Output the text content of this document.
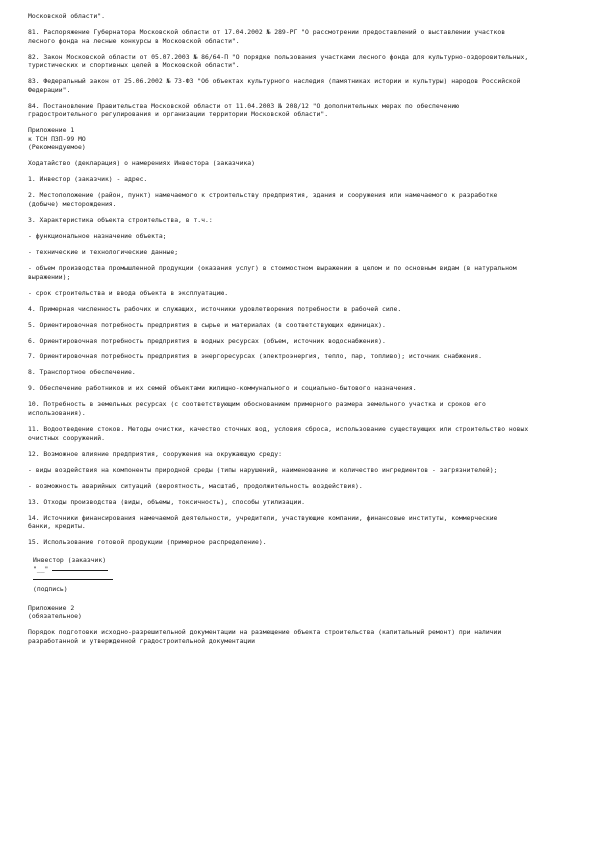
Московской области".

81. Распоряжение Губернатора Московской области от 17.04.2002 № 289-РГ "О рассмотрении предоставлений о выставлении участков
лесного фонда на лесные конкурсы в Московской области".

82. Закон Московской области от 05.07.2003 № 86/64-П "О порядке пользования участками лесного фонда для культурно-оздоровительных,
туристических и спортивных целей в Московской области".

83. Федеральный закон от 25.06.2002 № 73-ФЗ "Об объектах культурного наследия (памятниках истории и культуры) народов Российской
Федерации".

84. Постановление Правительства Московской области от 11.04.2003 № 208/12 "О дополнительных мерах по обеспечению
градостроительного регулирования и организации территории Московской области".

Приложение 1
к ТСН ПЗП-99 МО
(Рекомендуемое)

Ходатайство (декларация) о намерениях Инвестора (заказчика)

1. Инвестор (заказчик) - адрес.

2. Местоположение (район, пункт) намечаемого к строительству предприятия, здания и сооружения или намечаемого к разработке
(добыче) месторождения.

3. Характеристика объекта строительства, в т.ч.:

- функциональное назначение объекта;

- технические и технологические данные;

- объем производства промышленной продукции (оказания услуг) в стоимостном выражении в целом и по основным видам (в натуральном
выражении);

- срок строительства и ввода объекта в эксплуатацию.

4. Примерная численность рабочих и служащих, источники удовлетворения потребности в рабочей силе.

5. Ориентировочная потребность предприятия в сырье и материалах (в соответствующих единицах).

6. Ориентировочная потребность предприятия в водных ресурсах (объем, источник водоснабжения).

7. Ориентировочная потребность предприятия в энергоресурсах (электроэнергия, тепло, пар, топливо); источник снабжения.

8. Транспортное обеспечение.

9. Обеспечение работников и их семей объектами жилищно-коммунального и социально-бытового назначения.

10. Потребность в земельных ресурсах (с соответствующим обоснованием примерного размера земельного участка и сроков его
использования).

11. Водоотведение стоков. Методы очистки, качество сточных вод, условия сброса, использование существующих или строительство новых
очистных сооружений.

12. Возможное влияние предприятия, сооружения на окружающую среду:

- виды воздействия на компоненты природной среды (типы нарушений, наименование и количество ингредиентов - загрязнителей);

- возможность аварийных ситуаций (вероятность, масштаб, продолжительность воздействия).

13. Отходы производства (виды, объемы, токсичность), способы утилизации.

14. Источники финансирования намечаемой деятельности, учредители, участвующие компании, финансовые институты, коммерческие
банки, кредиты.

15. Использование готовой продукции (примерное распределение).

Инвестор (заказчик)
"__"
(подпись)

Приложение 2
(обязательное)

Порядок подготовки исходно-разрешительной документации на размещение объекта строительства (капитальный ремонт) при наличии
разработанной и утвержденной градостроительной документации
